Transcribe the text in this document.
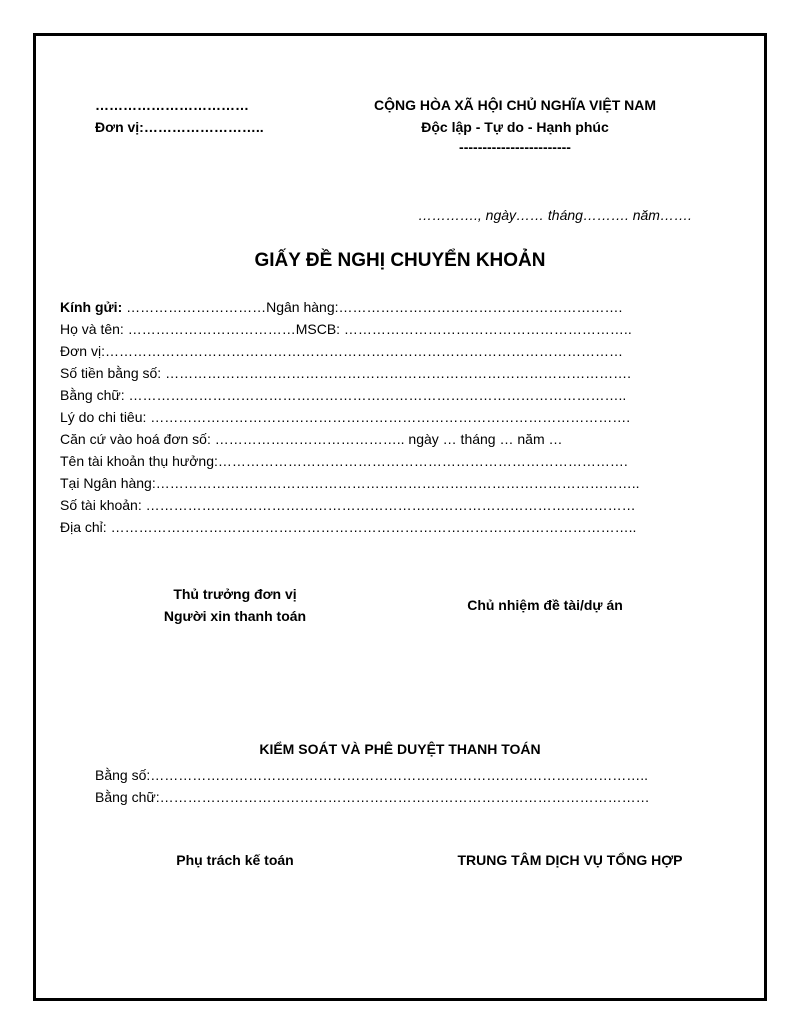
……………………………
Đơn vị:……………………..
CỘNG HÒA XÃ HỘI CHỦ NGHĨA VIỆT NAM
Độc lập - Tự do - Hạnh phúc
------------------------
…………., ngày…… tháng………. năm…….
GIẤY ĐỀ NGHỊ CHUYỂN KHOẢN
Kính gửi: …………………………Ngân hàng:…………………………………………………….
Họ và tên: ………………………………MSCB: ……………………………………………………..
Đơn vị:…………………………………………………………………………………………………
Số tiền bằng số: ……………………………………………………………………………………….
Bằng chữ: ……………………………………………………………………………………………..
Lý do chi tiêu: ………………………………………………………………………………………….
Căn cứ vào hoá đơn số: ………………………………….. ngày … tháng … năm …
Tên tài khoản thụ hưởng:…………………………………………………………………………….
Tại Ngân hàng:…………………………………………………………………………………………..
Số tài khoản: ……………………………………………………………………………………………
Địa chỉ: …………………………………………………………………………………………………..
Thủ trưởng đơn vị
Người xin thanh toán
Chủ nhiệm đề tài/dự án
KIỂM SOÁT VÀ PHÊ DUYỆT THANH TOÁN
Bằng số:……………………………………………………………………………………………..
Bằng chữ:……………………………………………………………………………………………
Phụ trách kế toán	TRUNG TÂM DỊCH VỤ TỔNG HỢP
